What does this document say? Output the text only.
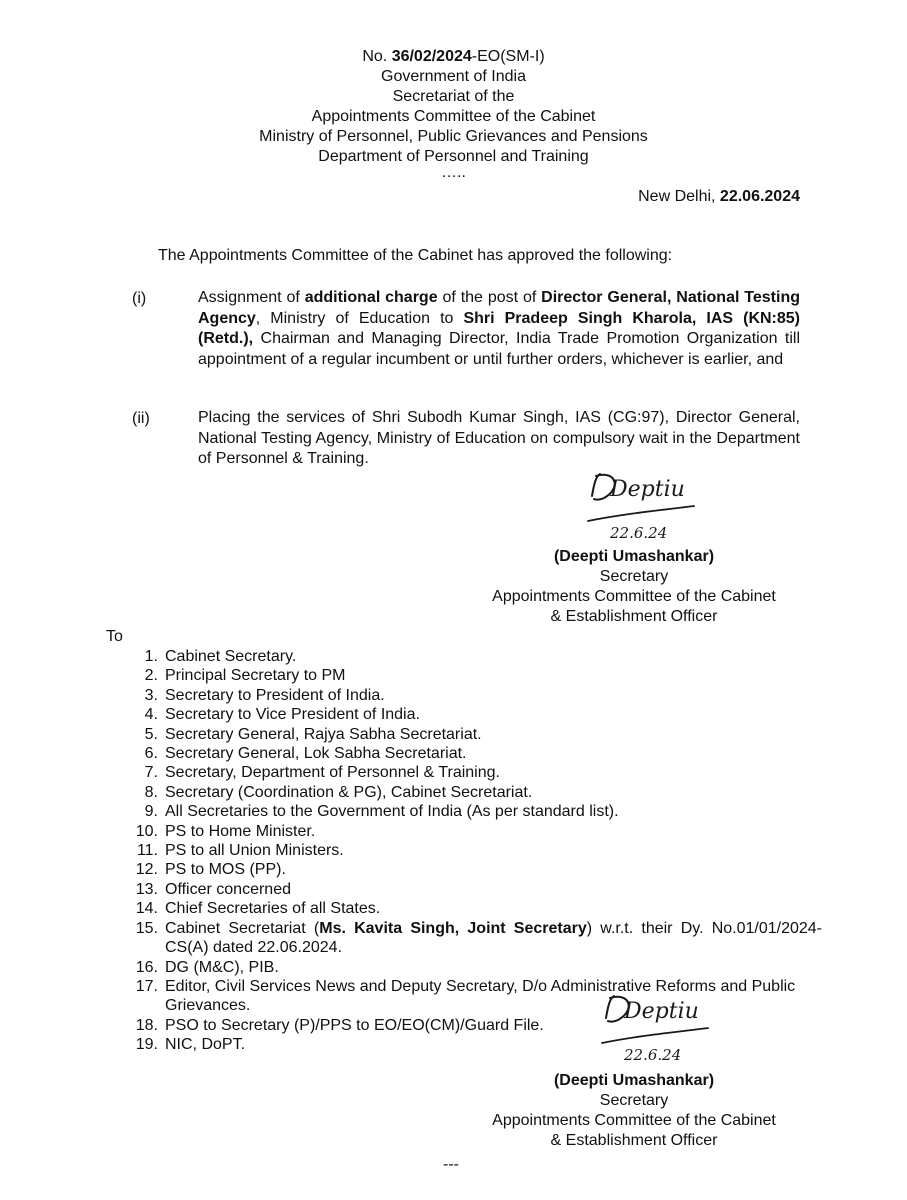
No. 36/02/2024-EO(SM-I)
Government of India
Secretariat of the
Appointments Committee of the Cabinet
Ministry of Personnel, Public Grievances and Pensions
Department of Personnel and Training
…..
New Delhi, 22.06.2024
The Appointments Committee of the Cabinet has approved the following:
(i)	Assignment of additional charge of the post of Director General, National Testing Agency, Ministry of Education to Shri Pradeep Singh Kharola, IAS (KN:85) (Retd.), Chairman and Managing Director, India Trade Promotion Organization till appointment of a regular incumbent or until further orders, whichever is earlier, and
(ii)	Placing the services of Shri Subodh Kumar Singh, IAS (CG:97), Director General, National Testing Agency, Ministry of Education on compulsory wait in the Department of Personnel & Training.
Deptiu
22.6.24
(Deepti Umashankar)
Secretary
Appointments Committee of the Cabinet
& Establishment Officer
To
1. Cabinet Secretary.
2. Principal Secretary to PM
3. Secretary to President of India.
4. Secretary to Vice President of India.
5. Secretary General, Rajya Sabha Secretariat.
6. Secretary General, Lok Sabha Secretariat.
7. Secretary, Department of Personnel & Training.
8. Secretary (Coordination & PG), Cabinet Secretariat.
9. All Secretaries to the Government of India (As per standard list).
10. PS to Home Minister.
11. PS to all Union Ministers.
12. PS to MOS (PP).
13. Officer concerned
14. Chief Secretaries of all States.
15. Cabinet Secretariat (Ms. Kavita Singh, Joint Secretary) w.r.t. their Dy. No.01/01/2024-CS(A) dated 22.06.2024.
16. DG (M&C), PIB.
17. Editor, Civil Services News and Deputy Secretary, D/o Administrative Reforms and Public Grievances.
18. PSO to Secretary (P)/PPS to EO/EO(CM)/Guard File.
19. NIC, DoPT.
Deptiu
22.6.24
(Deepti Umashankar)
Secretary
Appointments Committee of the Cabinet
& Establishment Officer
---
